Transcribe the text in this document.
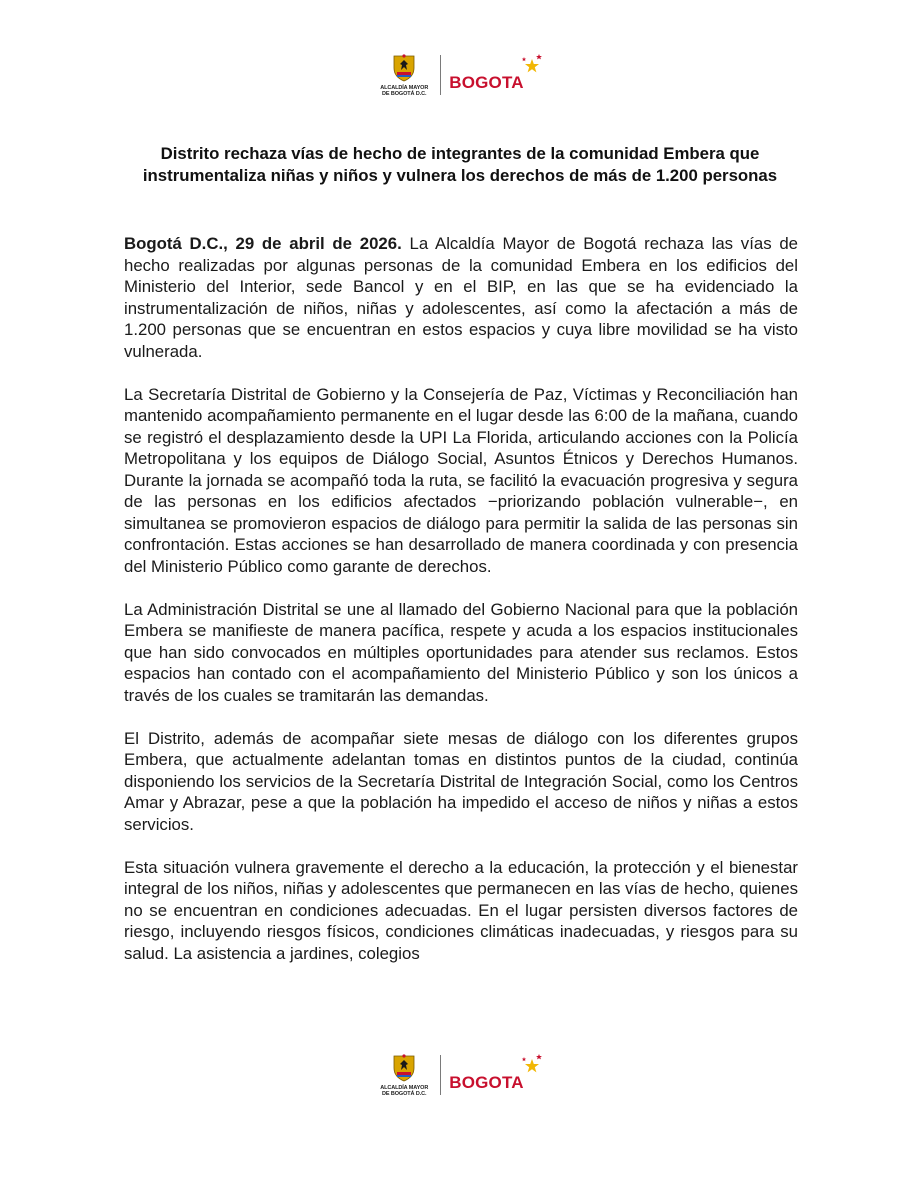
ALCALDÍA MAYOR
DE BOGOTÁ D.C.
BOGOTA
Distrito rechaza vías de hecho de integrantes de la comunidad Embera que instrumentaliza niñas y niños y vulnera los derechos de más de 1.200 personas

Bogotá D.C., 29 de abril de 2026. La Alcaldía Mayor de Bogotá rechaza las vías de hecho realizadas por algunas personas de la comunidad Embera en los edificios del Ministerio del Interior, sede Bancol y en el BIP, en las que se ha evidenciado la instrumentalización de niños, niñas y adolescentes, así como la afectación a más de 1.200 personas que se encuentran en estos espacios y cuya libre movilidad se ha visto vulnerada.

La Secretaría Distrital de Gobierno y la Consejería de Paz, Víctimas y Reconciliación han mantenido acompañamiento permanente en el lugar desde las 6:00 de la mañana, cuando se registró el desplazamiento desde la UPI La Florida, articulando acciones con la Policía Metropolitana y los equipos de Diálogo Social, Asuntos Étnicos y Derechos Humanos. Durante la jornada se acompañó toda la ruta, se facilitó la evacuación progresiva y segura de las personas en los edificios afectados −priorizando población vulnerable−, en simultanea se promovieron espacios de diálogo para permitir la salida de las personas sin confrontación. Estas acciones se han desarrollado de manera coordinada y con presencia del Ministerio Público como garante de derechos.

La Administración Distrital se une al llamado del Gobierno Nacional para que la población Embera se manifieste de manera pacífica, respete y acuda a los espacios institucionales que han sido convocados en múltiples oportunidades para atender sus reclamos. Estos espacios han contado con el acompañamiento del Ministerio Público y son los únicos a través de los cuales se tramitarán las demandas.

El Distrito, además de acompañar siete mesas de diálogo con los diferentes grupos Embera, que actualmente adelantan tomas en distintos puntos de la ciudad, continúa disponiendo los servicios de la Secretaría Distrital de Integración Social, como los Centros Amar y Abrazar, pese a que la población ha impedido el acceso de niños y niñas a estos servicios.

Esta situación vulnera gravemente el derecho a la educación, la protección y el bienestar integral de los niños, niñas y adolescentes que permanecen en las vías de hecho, quienes no se encuentran en condiciones adecuadas. En el lugar persisten diversos factores de riesgo, incluyendo riesgos físicos, condiciones climáticas inadecuadas, y riesgos para su salud. La asistencia a jardines, colegios

ALCALDÍA MAYOR
DE BOGOTÁ D.C.
BOGOTA
